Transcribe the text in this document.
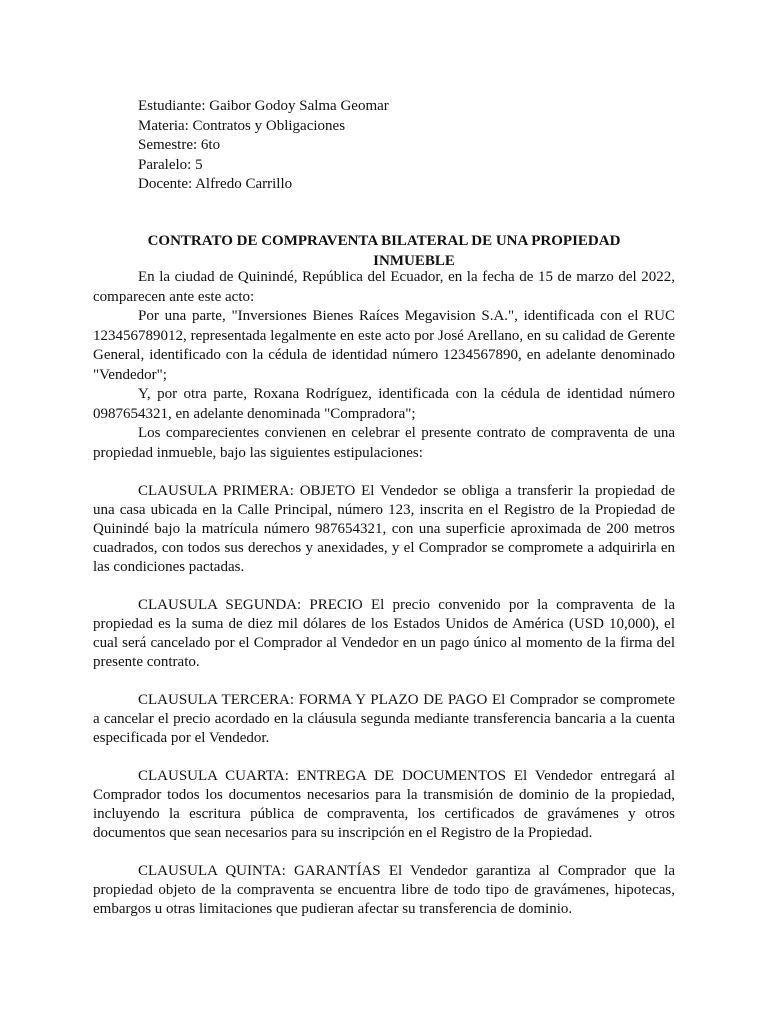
Estudiante: Gaibor Godoy Salma Geomar
Materia: Contratos y Obligaciones
Semestre: 6to
Paralelo: 5
Docente: Alfredo Carrillo
CONTRATO DE COMPRAVENTA BILATERAL DE UNA PROPIEDAD
INMUEBLE

En la ciudad de Quinindé, República del Ecuador, en la fecha de 15 de marzo del 2022, comparecen ante este acto:

Por una parte, "Inversiones Bienes Raíces Megavision S.A.", identificada con el RUC 123456789012, representada legalmente en este acto por José Arellano, en su calidad de Gerente General, identificado con la cédula de identidad número 1234567890, en adelante denominado "Vendedor";

Y, por otra parte, Roxana Rodríguez, identificada con la cédula de identidad número 0987654321, en adelante denominada "Compradora";

Los comparecientes convienen en celebrar el presente contrato de compraventa de una propiedad inmueble, bajo las siguientes estipulaciones:

CLAUSULA PRIMERA: OBJETO El Vendedor se obliga a transferir la propiedad de una casa ubicada en la Calle Principal, número 123, inscrita en el Registro de la Propiedad de Quinindé bajo la matrícula número 987654321, con una superficie aproximada de 200 metros cuadrados, con todos sus derechos y anexidades, y el Comprador se compromete a adquirirla en las condiciones pactadas.

CLAUSULA SEGUNDA: PRECIO El precio convenido por la compraventa de la propiedad es la suma de diez mil dólares de los Estados Unidos de América (USD 10,000), el cual será cancelado por el Comprador al Vendedor en un pago único al momento de la firma del presente contrato.

CLAUSULA TERCERA: FORMA Y PLAZO DE PAGO El Comprador se compromete a cancelar el precio acordado en la cláusula segunda mediante transferencia bancaria a la cuenta especificada por el Vendedor.

CLAUSULA CUARTA: ENTREGA DE DOCUMENTOS El Vendedor entregará al Comprador todos los documentos necesarios para la transmisión de dominio de la propiedad, incluyendo la escritura pública de compraventa, los certificados de gravámenes y otros documentos que sean necesarios para su inscripción en el Registro de la Propiedad.

CLAUSULA QUINTA: GARANTÍAS El Vendedor garantiza al Comprador que la propiedad objeto de la compraventa se encuentra libre de todo tipo de gravámenes, hipotecas, embargos u otras limitaciones que pudieran afectar su transferencia de dominio.
